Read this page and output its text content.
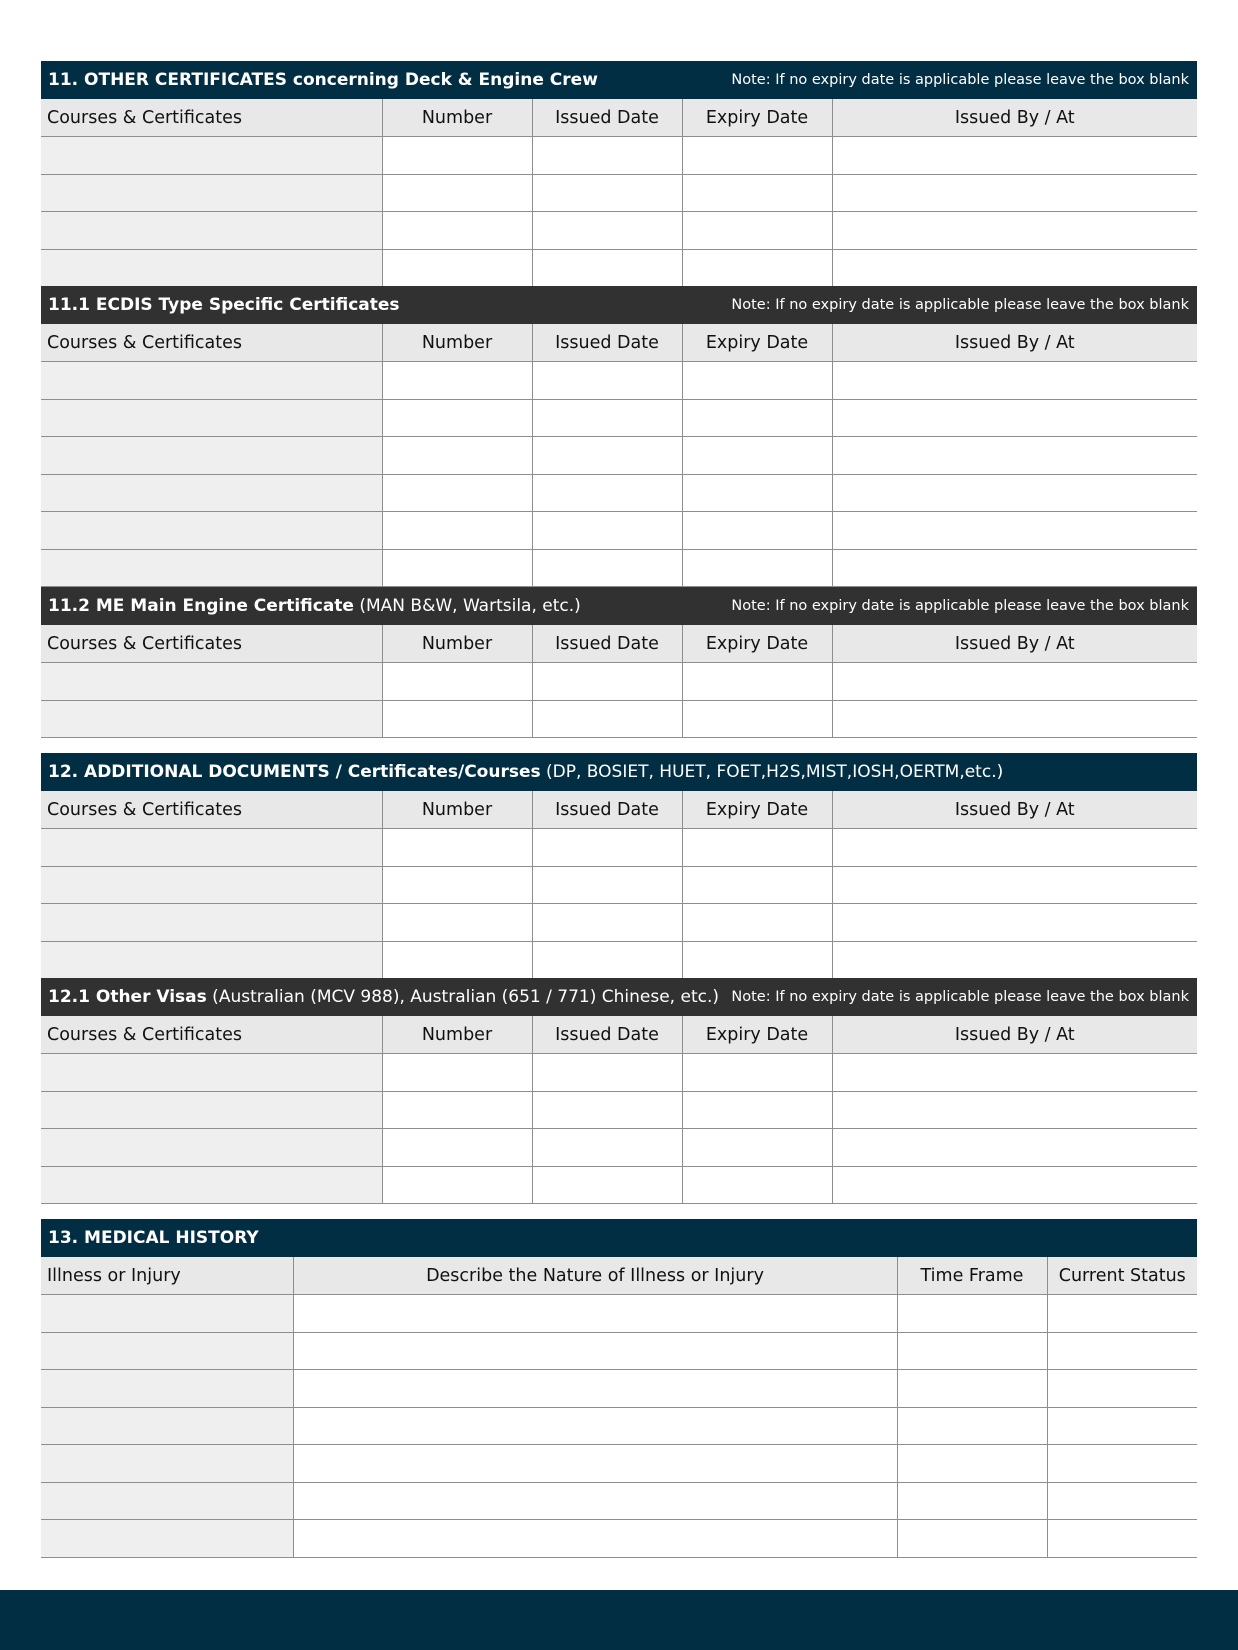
11. OTHER CERTIFICATES concerning Deck & Engine Crew	Note: If no expiry date is applicable please leave the box blank
Courses & Certificates	Number	Issued Date	Expiry Date	Issued By / At

11.1 ECDIS Type Specific Certificates	Note: If no expiry date is applicable please leave the box blank
Courses & Certificates	Number	Issued Date	Expiry Date	Issued By / At

11.2 ME Main Engine Certificate (MAN B&W, Wartsila, etc.)	Note: If no expiry date is applicable please leave the box blank
Courses & Certificates	Number	Issued Date	Expiry Date	Issued By / At

12. ADDITIONAL DOCUMENTS / Certificates/Courses (DP, BOSIET, HUET, FOET,H2S,MIST,IOSH,OERTM,etc.)
Courses & Certificates	Number	Issued Date	Expiry Date	Issued By / At

12.1 Other Visas (Australian (MCV 988), Australian (651 / 771) Chinese, etc.) Note: If no expiry date is applicable please leave the box blank
Courses & Certificates	Number	Issued Date	Expiry Date	Issued By / At

13. MEDICAL HISTORY
Illness or Injury	Describe the Nature of Illness or Injury	Time Frame	Current Status
